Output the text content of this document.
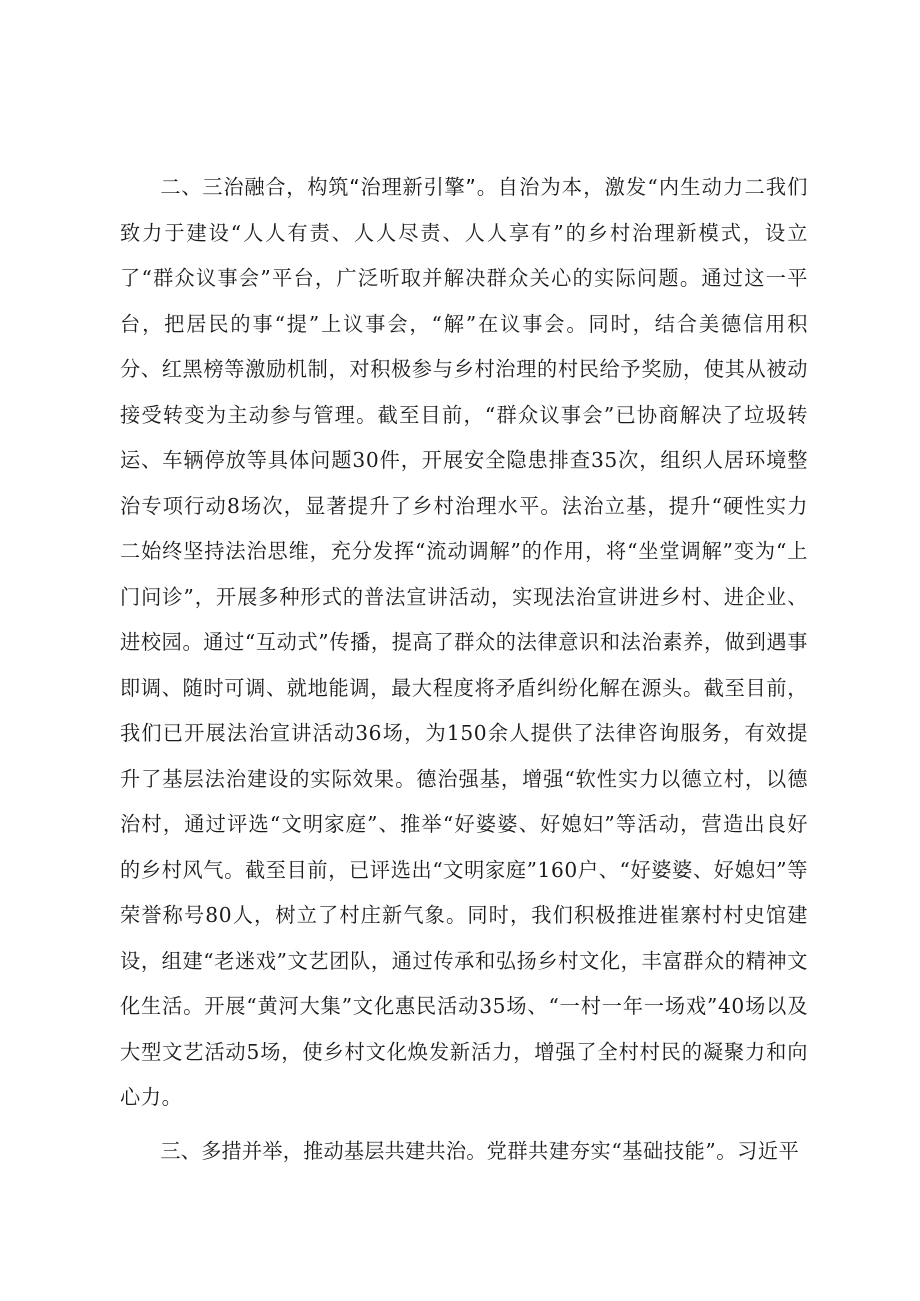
二、三治融合，构筑“治理新引擎”。自治为本，激发“内生动力二我们致力于建设“人人有责、人人尽责、人人享有”的乡村治理新模式，设立了“群众议事会”平台，广泛听取并解决群众关心的实际问题。通过这一平台，把居民的事“提”上议事会，“解”在议事会。同时，结合美德信用积分、红黑榜等激励机制，对积极参与乡村治理的村民给予奖励，使其从被动接受转变为主动参与管理。截至目前，“群众议事会”已协商解决了垃圾转运、车辆停放等具体问题30件，开展安全隐患排查35次，组织人居环境整治专项行动8场次，显著提升了乡村治理水平。法治立基，提升“硬性实力二始终坚持法治思维，充分发挥“流动调解”的作用，将“坐堂调解”变为“上门问诊”，开展多种形式的普法宣讲活动，实现法治宣讲进乡村、进企业、进校园。通过“互动式”传播，提高了群众的法律意识和法治素养，做到遇事即调、随时可调、就地能调，最大程度将矛盾纠纷化解在源头。截至目前，我们已开展法治宣讲活动36场，为150余人提供了法律咨询服务，有效提升了基层法治建设的实际效果。德治强基，增强“软性实力以德立村，以德治村，通过评选“文明家庭”、推举“好婆婆、好媳妇”等活动，营造出良好的乡村风气。截至目前，已评选出“文明家庭”160户、“好婆婆、好媳妇”等荣誉称号80人，树立了村庄新气象。同时，我们积极推进崔寨村村史馆建设，组建“老迷戏”文艺团队，通过传承和弘扬乡村文化，丰富群众的精神文化生活。开展“黄河大集”文化惠民活动35场、“一村一年一场戏”40场以及大型文艺活动5场，使乡村文化焕发新活力，增强了全村村民的凝聚力和向心力。

三、多措并举，推动基层共建共治。党群共建夯实“基础技能”。习近平
